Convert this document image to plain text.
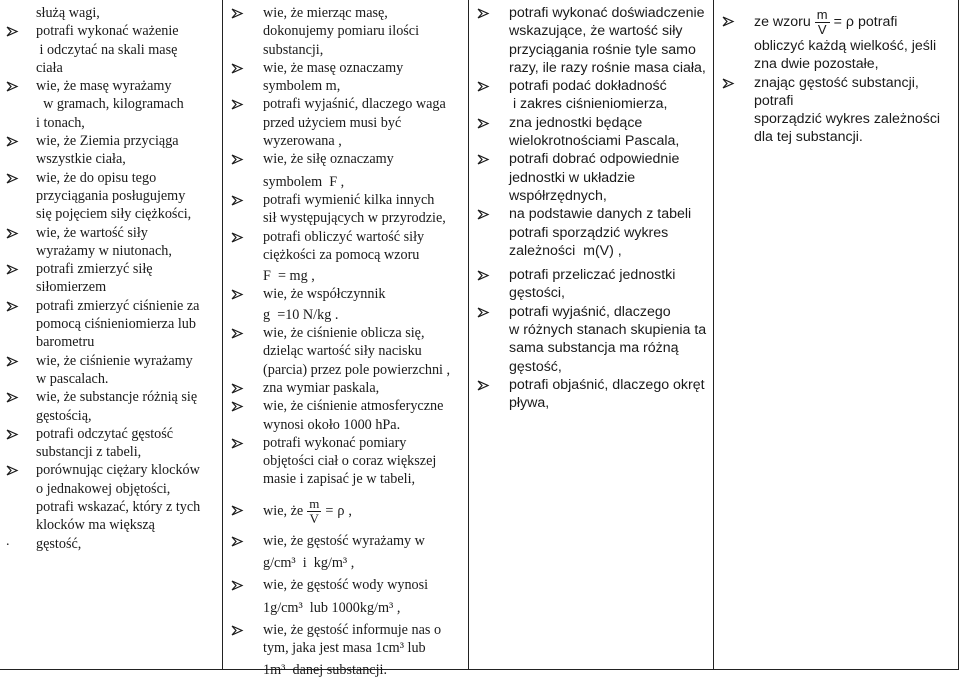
służą wagi,
potrafi wykonać ważenie
i odczytać na skali masę
ciała
wie, że masę wyrażamy
w gramach, kilogramach
i tonach,
wie, że Ziemia przyciąga
wszystkie ciała,
wie, że do opisu tego
przyciągania posługujemy
się pojęciem siły ciężkości,
wie, że wartość siły
wyrażamy w niutonach,
potrafi zmierzyć siłę
siłomierzem
potrafi zmierzyć ciśnienie za
pomocą ciśnieniomierza lub
barometru
wie, że ciśnienie wyrażamy
w pascalach.
wie, że substancje różnią się
gęstością,
potrafi odczytać gęstość
substancji z tabeli,
porównując ciężary klocków
o jednakowej objętości,
potrafi wskazać, który z tych
klocków ma większą
gęstość,
.
wie, że mierząc masę,
dokonujemy pomiaru ilości
substancji,
wie, że masę oznaczamy
symbolem m,
potrafi wyjaśnić, dlaczego waga
przed użyciem musi być
wyzerowana ,
wie, że siłę oznaczamy
symbolem  F ,
potrafi wymienić kilka innych
sił występujących w przyrodzie,
potrafi obliczyć wartość siły
ciężkości za pomocą wzoru
F  = mg ,
wie, że współczynnik
g  =10 N/kg .
wie, że ciśnienie oblicza się,
dzieląc wartość siły nacisku
(parcia) przez pole powierzchni ,
zna wymiar paskala,
wie, że ciśnienie atmosferyczne
wynosi około 1000 hPa.
potrafi wykonać pomiary
objętości ciał o coraz większej
masie i zapisać je w tabeli,
wie, że $\frac{m}{V} = \rho$ ,
wie, że gęstość wyrażamy w
g/cm³  i  kg/m³ ,
wie, że gęstość wody wynosi
1g/cm³  lub 1000kg/m³ ,
wie, że gęstość informuje nas o
tym, jaka jest masa 1cm³ lub
1m³  danej substancji.
potrafi wykonać doświadczenie
wskazujące, że wartość siły
przyciągania rośnie tyle samo
razy, ile razy rośnie masa ciała,
potrafi podać dokładność
i zakres ciśnieniomierza,
zna jednostki będące
wielokrotnościami Pascala,
potrafi dobrać odpowiednie
jednostki w układzie
współrzędnych,
na podstawie danych z tabeli
potrafi sporządzić wykres
zależności  m(V) ,
potrafi przeliczać jednostki
gęstości,
potrafi wyjaśnić, dlaczego
w różnych stanach skupienia ta
sama substancja ma różną
gęstość,
potrafi objaśnić, dlaczego okręt
pływa,
ze wzoru $\frac{m}{V} = \rho$ potrafi
obliczyć każdą wielkość, jeśli
zna dwie pozostałe,
znając gęstość substancji, potrafi
sporządzić wykres zależności
dla tej substancji.
